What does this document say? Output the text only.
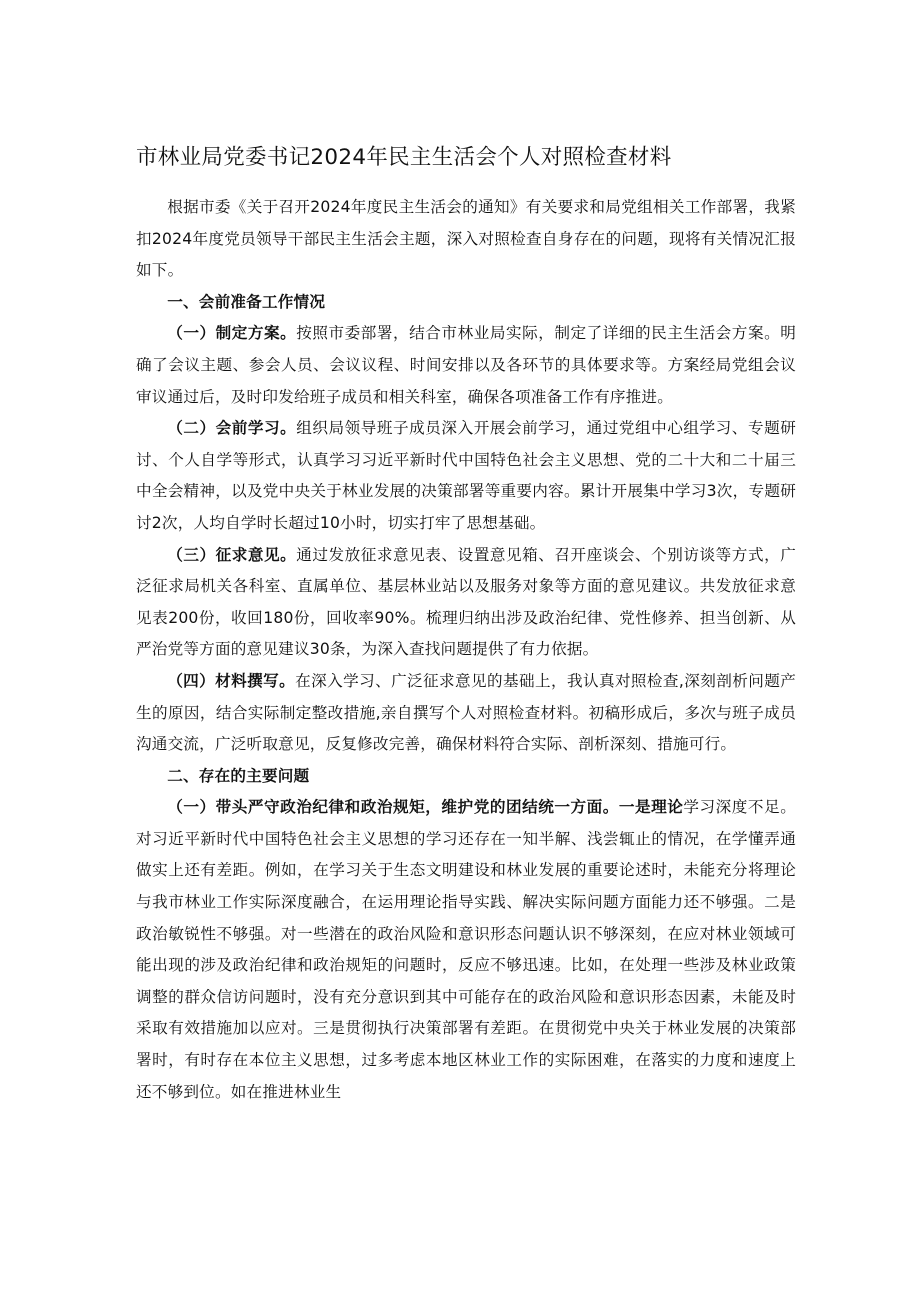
市林业局党委书记2024年民主生活会个人对照检查材料

根据市委《关于召开2024年度民主生活会的通知》有关要求和局党组相关工作部署，我紧扣2024年度党员领导干部民主生活会主题，深入对照检查自身存在的问题，现将有关情况汇报如下。

一、会前准备工作情况

（一）制定方案。按照市委部署，结合市林业局实际，制定了详细的民主生活会方案。明确了会议主题、参会人员、会议议程、时间安排以及各环节的具体要求等。方案经局党组会议审议通过后，及时印发给班子成员和相关科室，确保各项准备工作有序推进。

（二）会前学习。组织局领导班子成员深入开展会前学习，通过党组中心组学习、专题研讨、个人自学等形式，认真学习习近平新时代中国特色社会主义思想、党的二十大和二十届三中全会精神，以及党中央关于林业发展的决策部署等重要内容。累计开展集中学习3次，专题研讨2次，人均自学时长超过10小时，切实打牢了思想基础。

（三）征求意见。通过发放征求意见表、设置意见箱、召开座谈会、个别访谈等方式，广泛征求局机关各科室、直属单位、基层林业站以及服务对象等方面的意见建议。共发放征求意见表200份，收回180份，回收率90%。梳理归纳出涉及政治纪律、党性修养、担当创新、从严治党等方面的意见建议30条，为深入查找问题提供了有力依据。

（四）材料撰写。在深入学习、广泛征求意见的基础上，我认真对照检查,深刻剖析问题产生的原因，结合实际制定整改措施,亲自撰写个人对照检查材料。初稿形成后，多次与班子成员沟通交流，广泛听取意见，反复修改完善，确保材料符合实际、剖析深刻、措施可行。

二、存在的主要问题

（一）带头严守政治纪律和政治规矩，维护党的团结统一方面。一是理论学习深度不足。对习近平新时代中国特色社会主义思想的学习还存在一知半解、浅尝辄止的情况，在学懂弄通做实上还有差距。例如，在学习关于生态文明建设和林业发展的重要论述时，未能充分将理论与我市林业工作实际深度融合，在运用理论指导实践、解决实际问题方面能力还不够强。二是政治敏锐性不够强。对一些潜在的政治风险和意识形态问题认识不够深刻，在应对林业领域可能出现的涉及政治纪律和政治规矩的问题时，反应不够迅速。比如，在处理一些涉及林业政策调整的群众信访问题时，没有充分意识到其中可能存在的政治风险和意识形态因素，未能及时采取有效措施加以应对。三是贯彻执行决策部署有差距。在贯彻党中央关于林业发展的决策部署时，有时存在本位主义思想，过多考虑本地区林业工作的实际困难，在落实的力度和速度上还不够到位。如在推进林业生
